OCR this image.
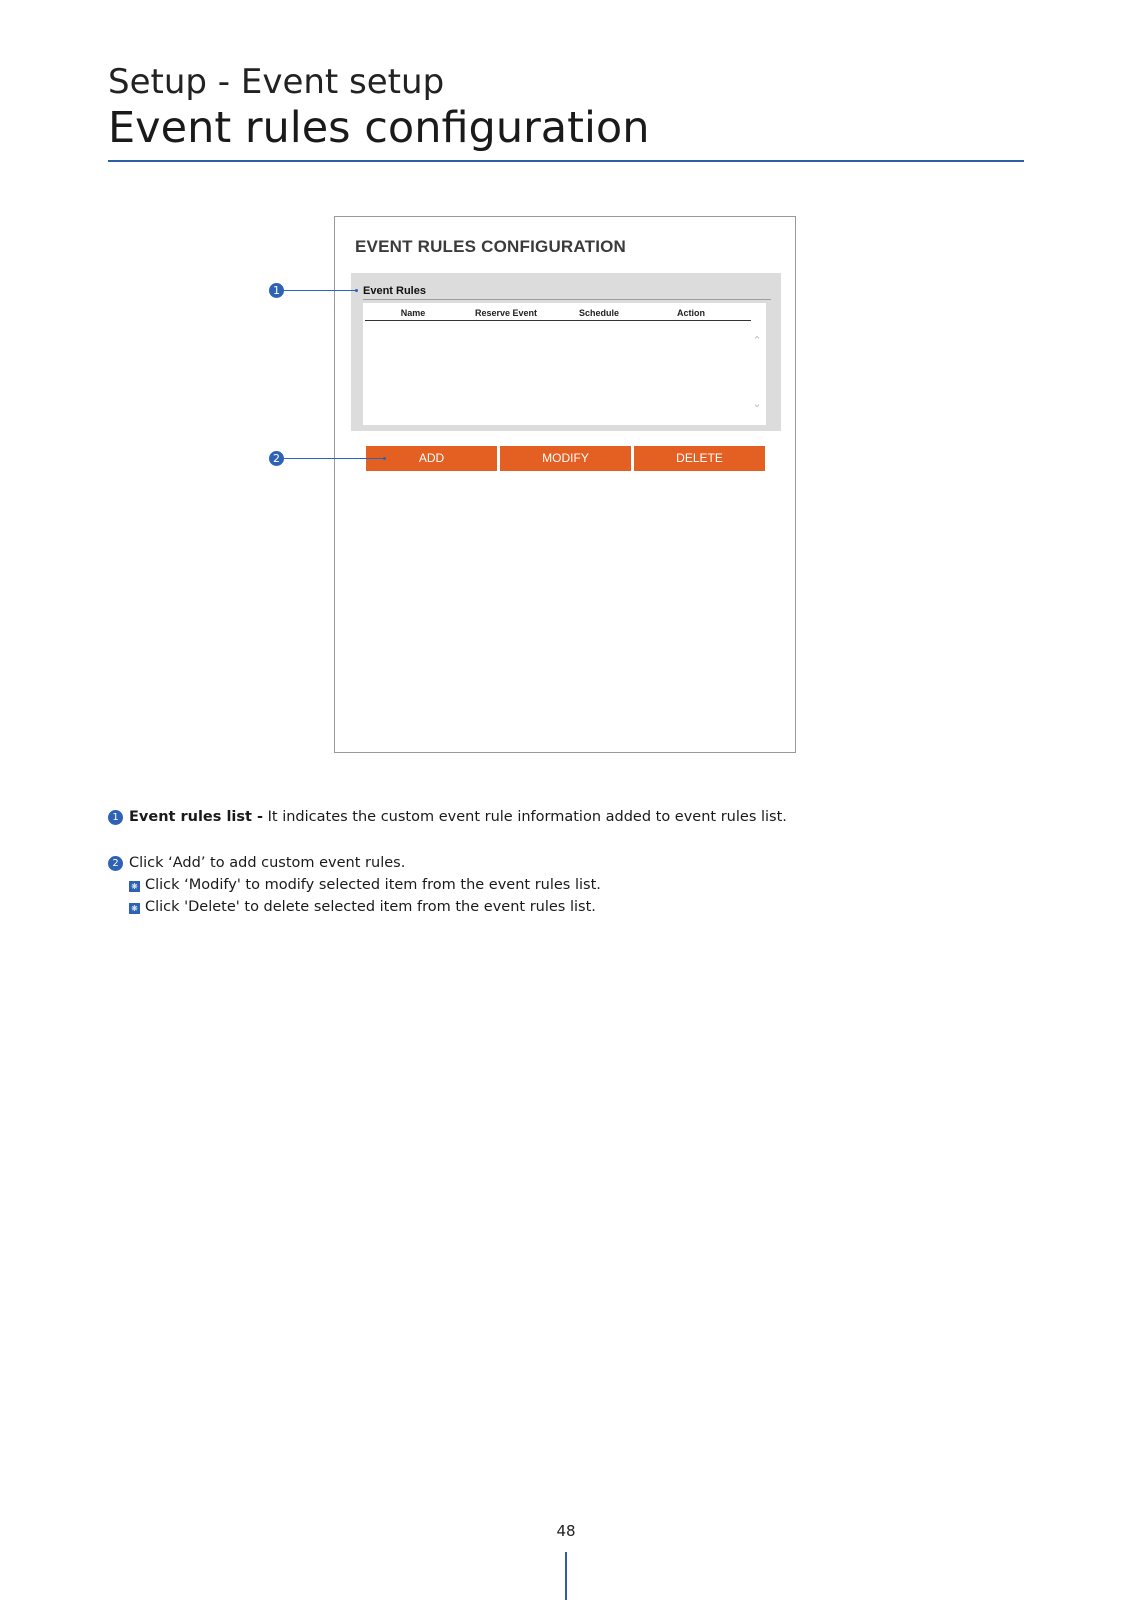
Setup - Event setup
Event rules configuration
EVENT RULES CONFIGURATION
Event Rules
Name	Reserve Event	Schedule	Action
⌃
⌄
ADD	MODIFY	DELETE
1
2
1 Event rules list - It indicates the custom event rule information added to event rules list.
2 Click ‘Add’ to add custom event rules.
❋ Click ‘Modify' to modify selected item from the event rules list.
❋ Click 'Delete' to delete selected item from the event rules list.
48
